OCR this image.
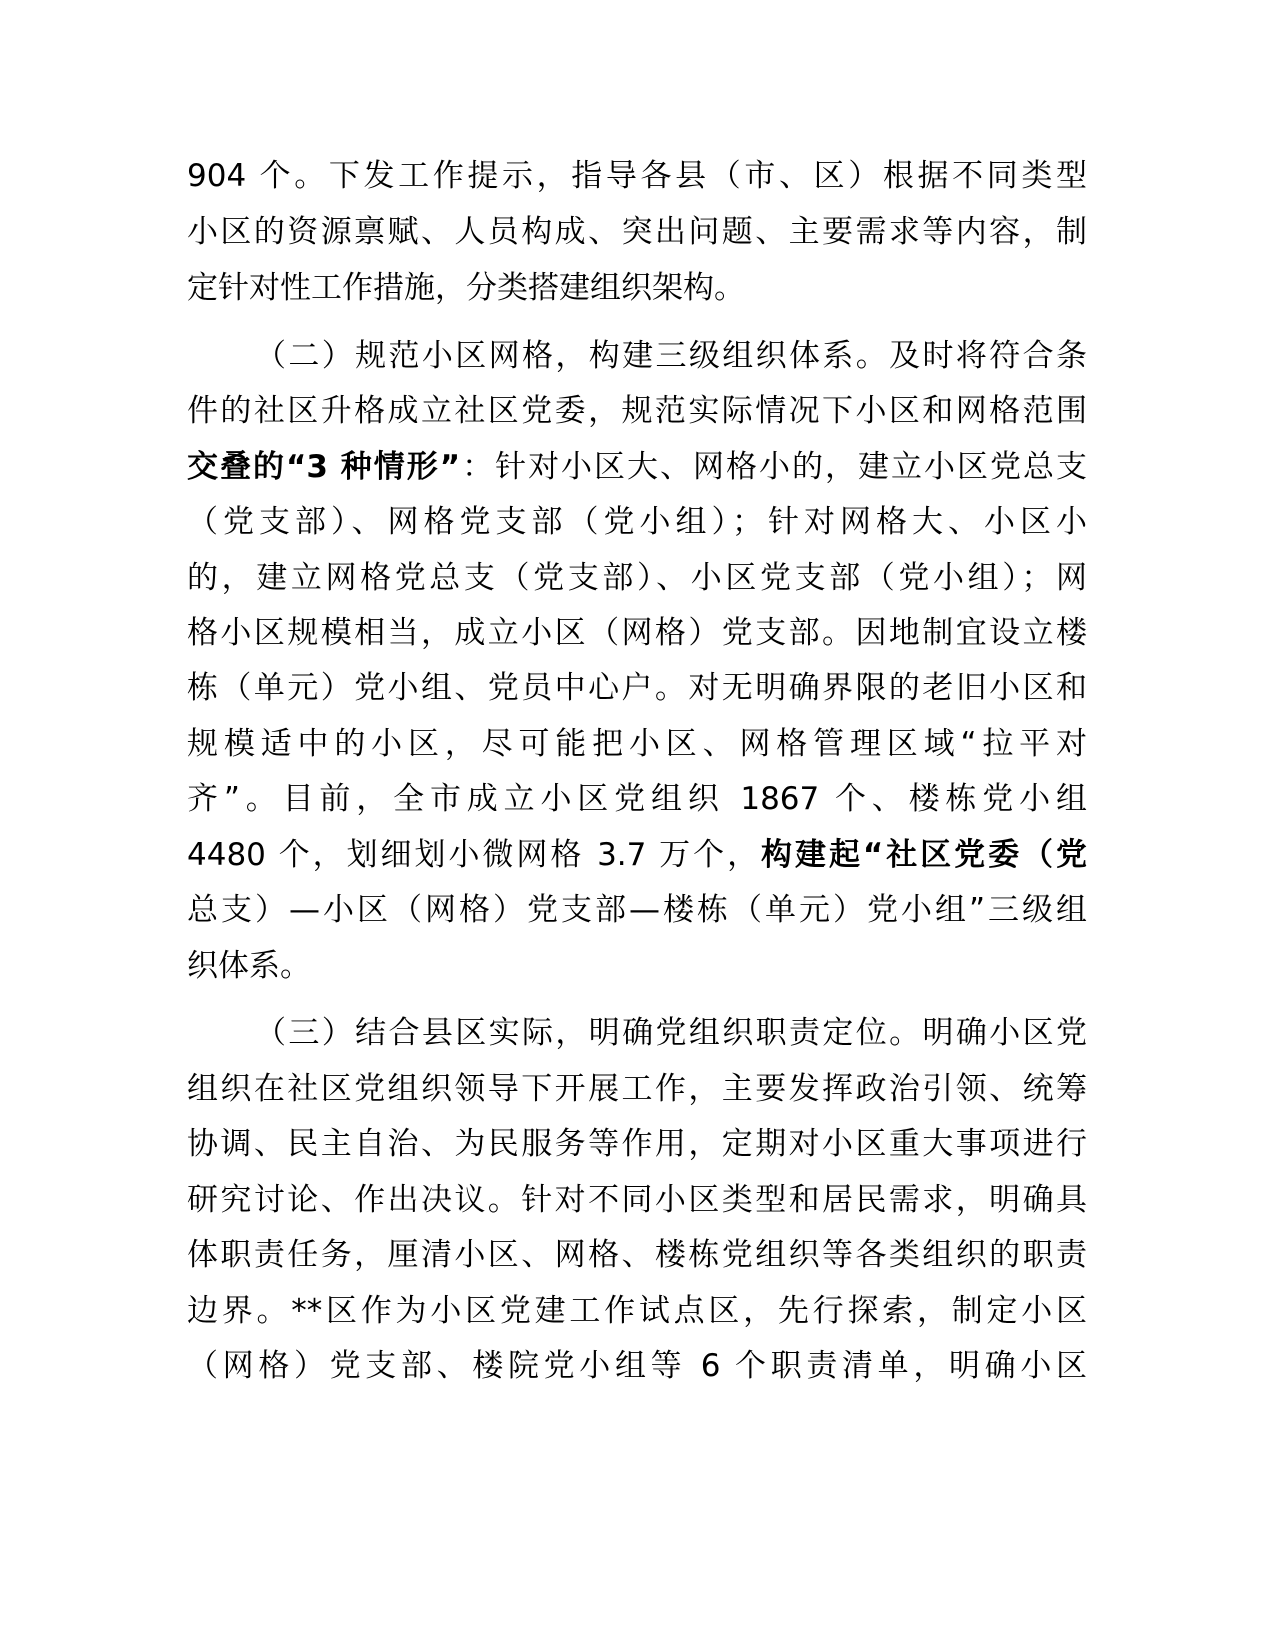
904 个。下发工作提示，指导各县（市、区）根据不同类型
小区的资源禀赋、人员构成、突出问题、主要需求等内容，制
定针对性工作措施，分类搭建组织架构。
（二）规范小区网格，构建三级组织体系。及时将符合条
件的社区升格成立社区党委，规范实际情况下小区和网格范围
交叠的“3 种情形”：针对小区大、网格小的，建立小区党总支
（党支部）、网格党支部（党小组）；针对网格大、小区小
的，建立网格党总支（党支部）、小区党支部（党小组）；网
格小区规模相当，成立小区（网格）党支部。因地制宜设立楼
栋（单元）党小组、党员中心户。对无明确界限的老旧小区和
规模适中的小区，尽可能把小区、网格管理区域“拉平对
齐”。目前，全市成立小区党组织 1867 个、楼栋党小组
4480 个，划细划小微网格 3.7 万个，构建起“社区党委（党
总支）—小区（网格）党支部—楼栋（单元）党小组”三级组
织体系。
（三）结合县区实际，明确党组织职责定位。明确小区党
组织在社区党组织领导下开展工作，主要发挥政治引领、统筹
协调、民主自治、为民服务等作用，定期对小区重大事项进行
研究讨论、作出决议。针对不同小区类型和居民需求，明确具
体职责任务，厘清小区、网格、楼栋党组织等各类组织的职责
边界。**区作为小区党建工作试点区，先行探索，制定小区
（网格）党支部、楼院党小组等 6 个职责清单，明确小区
